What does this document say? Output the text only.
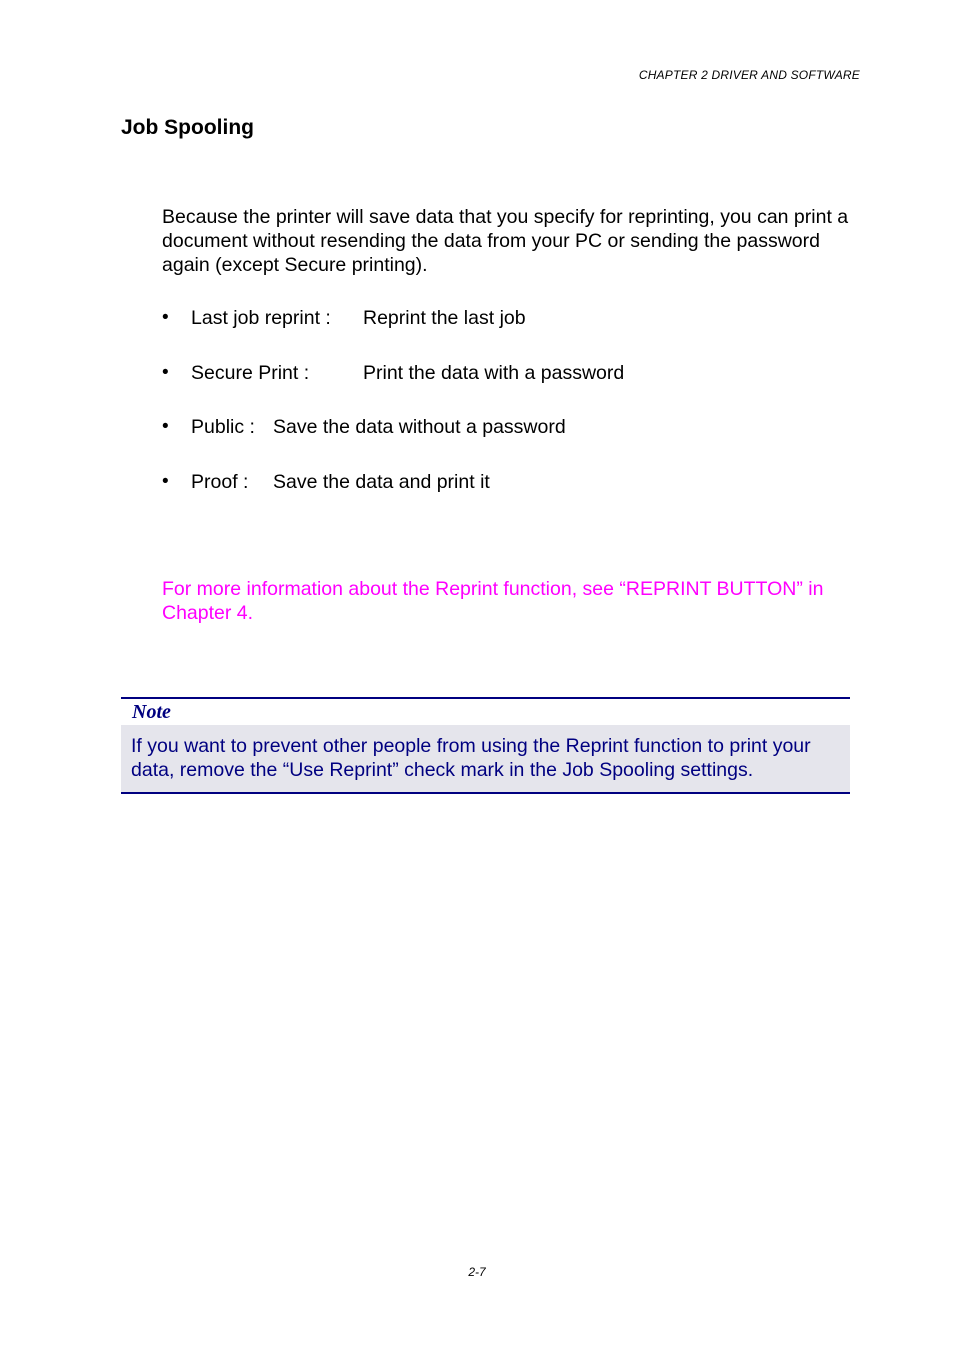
CHAPTER 2 DRIVER AND SOFTWARE
Job Spooling

Because the printer will save data that you specify for reprinting, you can print a document without resending the data from your PC or sending the password again (except Secure printing).

• Last job reprint : Reprint the last job
• Secure Print :	Print the data with a password
• Public : Save the data without a password
• Proof : Save the data and print it

For more information about the Reprint function, see “REPRINT BUTTON” in Chapter 4.

Note
If you want to prevent other people from using the Reprint function to print your data, remove the “Use Reprint” check mark in the Job Spooling settings.
2-7
